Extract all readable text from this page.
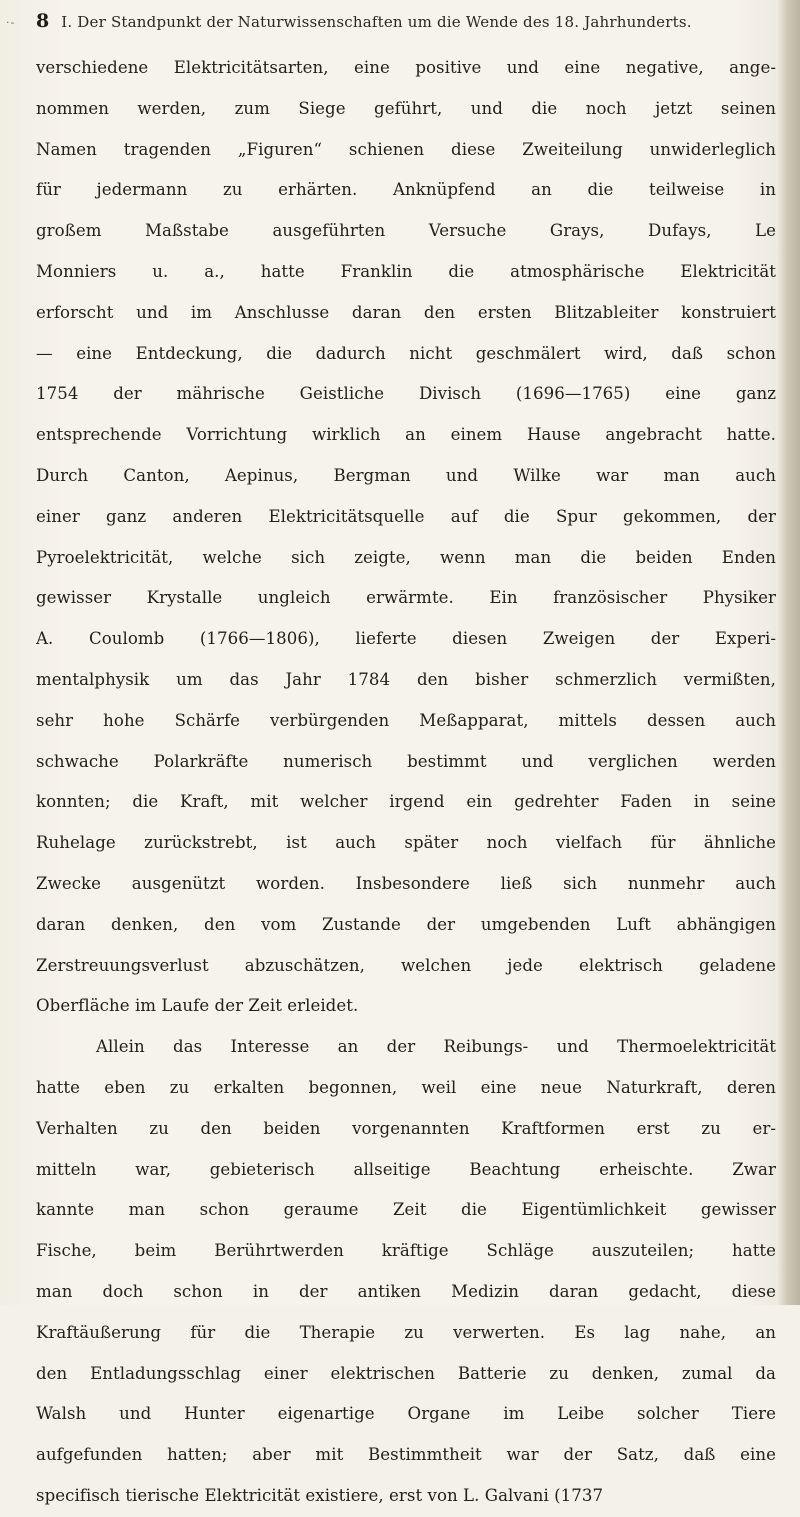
·- 8 I. Der Standpunkt der Naturwissenschaften um die Wende des 18. Jahrhunderts.
verschiedene Elektricitätsarten, eine positive und eine negative, ange-
nommen werden, zum Siege geführt, und die noch jetzt seinen
Namen tragenden „Figuren“ schienen diese Zweiteilung unwiderleglich
für jedermann zu erhärten. Anknüpfend an die teilweise in
großem Maßstabe ausgeführten Versuche Grays, Dufays, Le
Monniers u. a., hatte Franklin die atmosphärische Elektricität
erforscht und im Anschlusse daran den ersten Blitzableiter konstruiert
— eine Entdeckung, die dadurch nicht geschmälert wird, daß schon
1754 der mährische Geistliche Divisch (1696—1765) eine ganz
entsprechende Vorrichtung wirklich an einem Hause angebracht hatte.
Durch Canton, Aepinus, Bergman und Wilke war man auch
einer ganz anderen Elektricitätsquelle auf die Spur gekommen, der
Pyroelektricität, welche sich zeigte, wenn man die beiden Enden
gewisser Krystalle ungleich erwärmte. Ein französischer Physiker
A. Coulomb (1766—1806), lieferte diesen Zweigen der Experi-
mentalphysik um das Jahr 1784 den bisher schmerzlich vermißten,
sehr hohe Schärfe verbürgenden Meßapparat, mittels dessen auch
schwache Polarkräfte numerisch bestimmt und verglichen werden
konnten; die Kraft, mit welcher irgend ein gedrehter Faden in seine
Ruhelage zurückstrebt, ist auch später noch vielfach für ähnliche
Zwecke ausgenützt worden. Insbesondere ließ sich nunmehr auch
daran denken, den vom Zustande der umgebenden Luft abhängigen
Zerstreuungsverlust abzuschätzen, welchen jede elektrisch geladene
Oberfläche im Laufe der Zeit erleidet.
Allein das Interesse an der Reibungs- und Thermoelektricität
hatte eben zu erkalten begonnen, weil eine neue Naturkraft, deren
Verhalten zu den beiden vorgenannten Kraftformen erst zu er-
mitteln war, gebieterisch allseitige Beachtung erheischte. Zwar
kannte man schon geraume Zeit die Eigentümlichkeit gewisser
Fische, beim Berührtwerden kräftige Schläge auszuteilen; hatte
man doch schon in der antiken Medizin daran gedacht, diese
Kraftäußerung für die Therapie zu verwerten. Es lag nahe, an
den Entladungsschlag einer elektrischen Batterie zu denken, zumal da
Walsh und Hunter eigenartige Organe im Leibe solcher Tiere
aufgefunden hatten; aber mit Bestimmtheit war der Satz, daß eine
specifisch tierische Elektricität existiere, erst von L. Galvani (1737
